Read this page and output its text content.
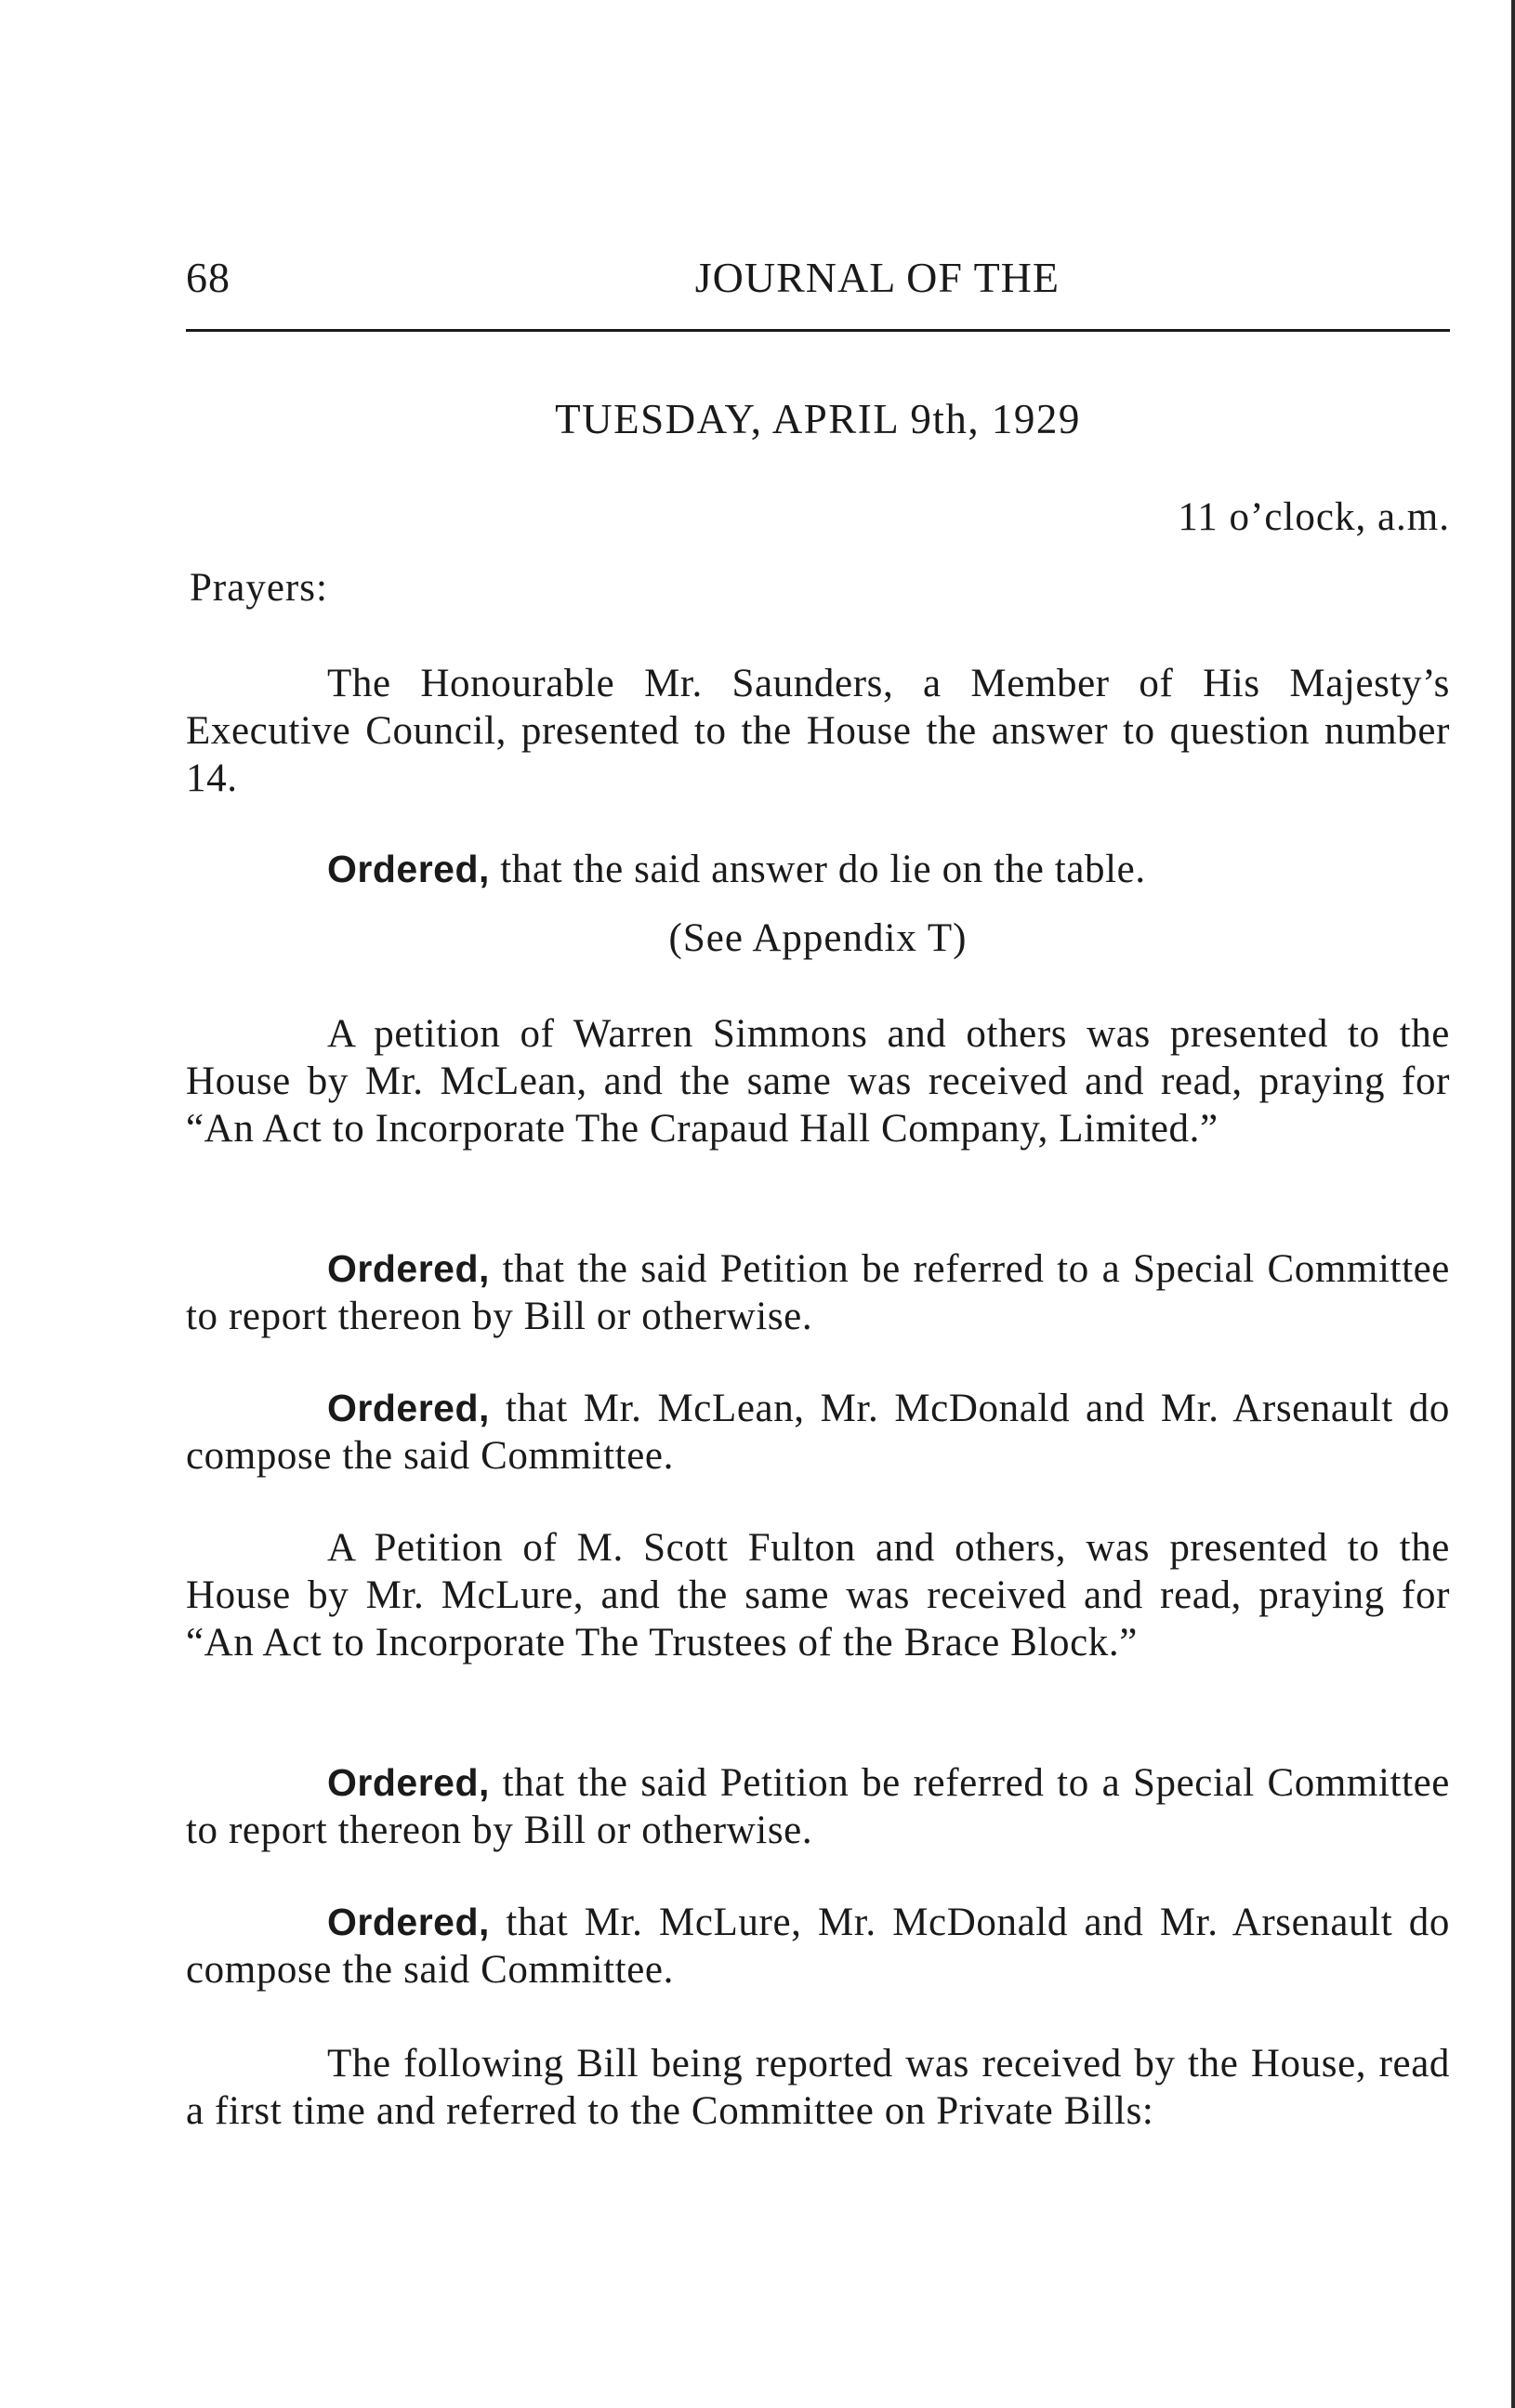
68	JOURNAL OF THE
TUESDAY, APRIL 9th, 1929
11 o’clock, a.m.
Prayers:
The Honourable Mr. Saunders, a Member of His Majesty’s Executive Council, presented to the House the answer to question number 14.
Ordered, that the said answer do lie on the table.
(See Appendix T)
A petition of Warren Simmons and others was presented to the House by Mr. McLean, and the same was received and read, praying for “An Act to Incorporate The Crapaud Hall Company, Limited.”
Ordered, that the said Petition be referred to a Special Committee to report thereon by Bill or otherwise.
Ordered, that Mr. McLean, Mr. McDonald and Mr. Arsenault do compose the said Committee.
A Petition of M. Scott Fulton and others, was presented to the House by Mr. McLure, and the same was received and read, praying for “An Act to Incorporate The Trustees of the Brace Block.”
Ordered, that the said Petition be referred to a Special Committee to report thereon by Bill or otherwise.
Ordered, that Mr. McLure, Mr. McDonald and Mr. Arsenault do compose the said Committee.
The following Bill being reported was received by the House, read a first time and referred to the Committee on Private Bills:
